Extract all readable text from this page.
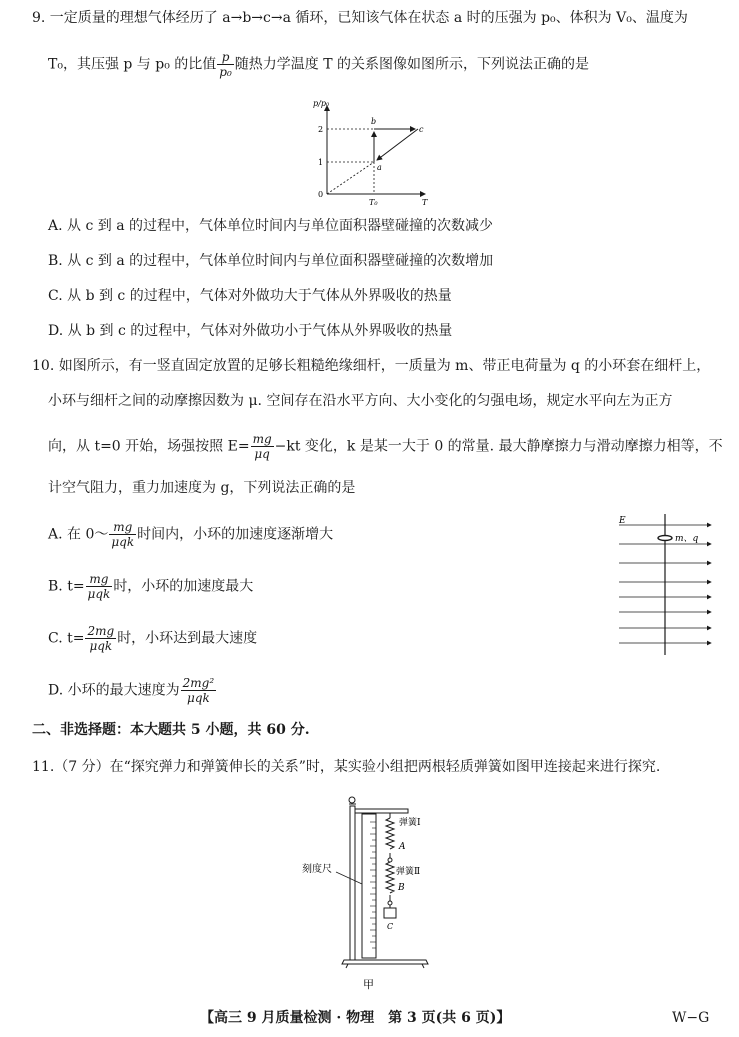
9. 一定质量的理想气体经历了 a→b→c→a 循环，已知该气体在状态 a 时的压强为 p₀、体积为 V₀、温度为
T₀，其压强 p 与 p₀ 的比值 $\frac{p}{\text{p₀}}$ 随热力学温度 T 的关系图像如图所示，下列说法正确的是
p/p₀
T
0
1
2
T₀
a
b
c
A. 从 c 到 a 的过程中，气体单位时间内与单位面积器壁碰撞的次数减少
B. 从 c 到 a 的过程中，气体单位时间内与单位面积器壁碰撞的次数增加
C. 从 b 到 c 的过程中，气体对外做功大于气体从外界吸收的热量
D. 从 b 到 c 的过程中，气体对外做功小于气体从外界吸收的热量
10. 如图所示，有一竖直固定放置的足够长粗糙绝缘细杆，一质量为 m、带正电荷量为 q 的小环套在细杆上，
小环与细杆之间的动摩擦因数为 μ. 空间存在沿水平方向、大小变化的匀强电场，规定水平向左为正方
向，从 t=0 开始，场强按照 $E= \frac{mg}{\mu q} -kt$ 变化，k 是某一大于 0 的常量. 最大静摩擦力与滑动摩擦力相等，不
计空气阻力，重力加速度为 g，下列说法正确的是
A. 在 0～ $\frac{mg}{\text{μqk}}$ 时间内，小环的加速度逐渐增大
B. $t= \frac{mg}{\text{μqk}}$ 时，小环的加速度最大
C. $t= \frac{2mg}{\text{μqk}}$ 时，小环达到最大速度
D. 小环的最大速度为 $\frac{\text{2mg²}}{\text{μqk}}$
E
m、q
二、非选择题：本大题共 5 小题，共 60 分.
11.（7 分）在“探究弹力和弹簧伸长的关系”时，某实验小组把两根轻质弹簧如图甲连接起来进行探究.
弹簧Ⅰ
A
弹簧Ⅱ
B
C
刻度尺
甲
【高三 9 月质量检测 · 物理　第 3 页(共 6 页)】	W−G
